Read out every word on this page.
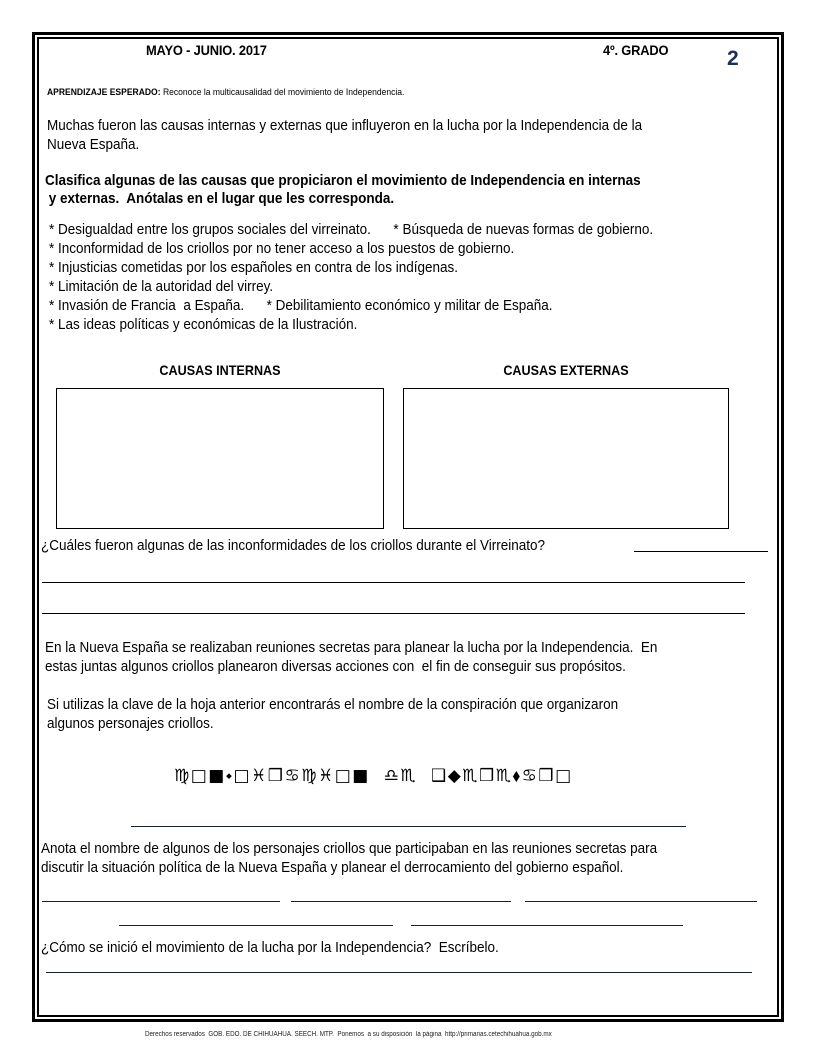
MAYO - JUNIO. 2017	4º. GRADO	2
APRENDIZAJE ESPERADO: Reconoce la multicausalidad del movimiento de Independencia.
Muchas fueron las causas internas y externas que influyeron en la lucha por la Independencia de la
Nueva España.
Clasifica algunas de las causas que propiciaron el movimiento de Independencia en internas
y externas.  Anótalas en el lugar que les corresponda.
* Desigualdad entre los grupos sociales del virreinato.      * Búsqueda de nuevas formas de gobierno.
* Inconformidad de los criollos por no tener acceso a los puestos de gobierno.
* Injusticias cometidas por los españoles en contra de los indígenas.
* Limitación de la autoridad del virrey.
* Invasión de Francia  a España.      * Debilitamiento económico y militar de España.
* Las ideas políticas y económicas de la Ilustración.
CAUSAS INTERNAS	CAUSAS EXTERNAS
¿Cuáles fueron algunas de las inconformidades de los criollos durante el Virreinato?
En la Nueva España se realizaban reuniones secretas para planear la lucha por la Independencia.  En
estas juntas algunos criollos planearon diversas acciones con  el fin de conseguir sus propósitos.
Si utilizas la clave de la hoja anterior encontrarás el nombre de la conspiración que organizaron
algunos personajes criollos.
♍□■⬩□♓❒♋♍♓□■  ♎♏  ❑◆♏❒♏⬧♋❒□
Anota el nombre de algunos de los personajes criollos que participaban en las reuniones secretas para
discutir la situación política de la Nueva España y planear el derrocamiento del gobierno español.
¿Cómo se inició el movimiento de la lucha por la Independencia?  Escríbelo.
Derechos reservados  GOB. EDO. DE CHIHUAHUA. SEECH. MTP.  Ponemos  a su disposición  la página  http://primarias.cetechihuahua.gob.mx
